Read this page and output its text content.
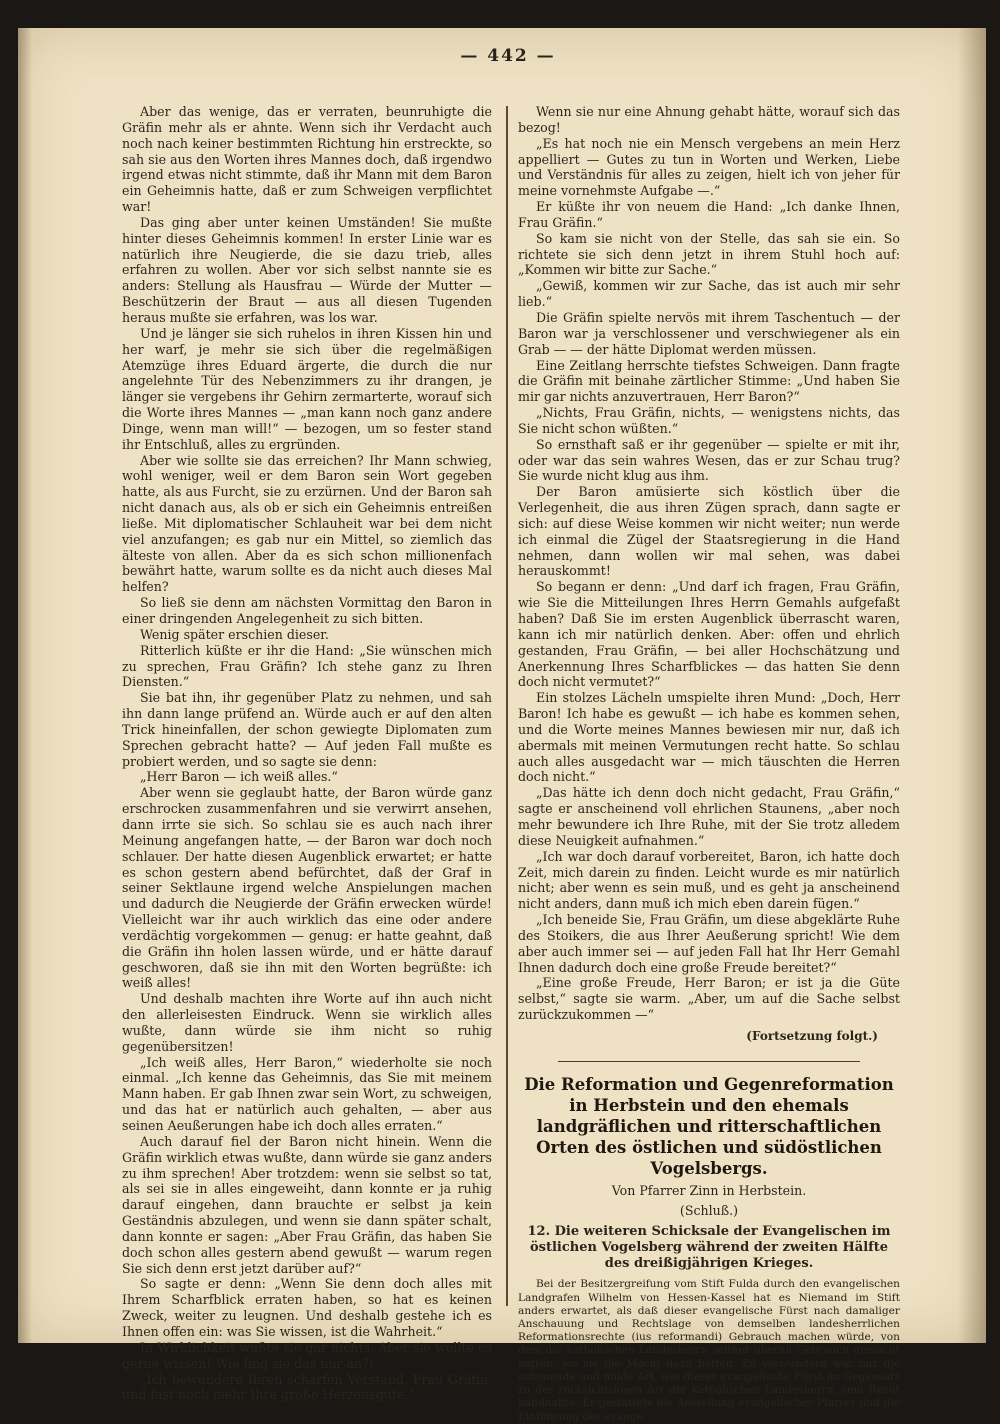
— 442 —

Aber das wenige, das er verraten, beunruhigte die Gräfin mehr als er ahnte. Wenn sich ihr Verdacht auch noch nach keiner bestimmten Richtung hin erstreckte, so sah sie aus den Worten ihres Mannes doch, daß irgendwo irgend etwas nicht stimmte, daß ihr Mann mit dem Baron ein Geheimnis hatte, daß er zum Schweigen verpflichtet war!

Das ging aber unter keinen Umständen! Sie mußte hinter dieses Geheimnis kommen! In erster Linie war es natürlich ihre Neugierde, die sie dazu trieb, alles erfahren zu wollen. Aber vor sich selbst nannte sie es anders: Stellung als Hausfrau — Würde der Mutter — Beschützerin der Braut — aus all diesen Tugenden heraus mußte sie erfahren, was los war.

Und je länger sie sich ruhelos in ihren Kissen hin und her warf, je mehr sie sich über die regelmäßigen Atemzüge ihres Eduard ärgerte, die durch die nur angelehnte Tür des Nebenzimmers zu ihr drangen, je länger sie vergebens ihr Gehirn zermarterte, worauf sich die Worte ihres Mannes — „man kann noch ganz andere Dinge, wenn man will!“ — bezogen, um so fester stand ihr Entschluß, alles zu ergründen.

Aber wie sollte sie das erreichen? Ihr Mann schwieg, wohl weniger, weil er dem Baron sein Wort gegeben hatte, als aus Furcht, sie zu erzürnen. Und der Baron sah nicht danach aus, als ob er sich ein Geheimnis entreißen ließe. Mit diplomatischer Schlauheit war bei dem nicht viel anzufangen; es gab nur ein Mittel, so ziemlich das älteste von allen. Aber da es sich schon millionenfach bewährt hatte, warum sollte es da nicht auch dieses Mal helfen?

So ließ sie denn am nächsten Vormittag den Baron in einer dringenden Angelegenheit zu sich bitten.

Wenig später erschien dieser.

Ritterlich küßte er ihr die Hand: „Sie wünschen mich zu sprechen, Frau Gräfin? Ich stehe ganz zu Ihren Diensten.“

Sie bat ihn, ihr gegenüber Platz zu nehmen, und sah ihn dann lange prüfend an. Würde auch er auf den alten Trick hineinfallen, der schon gewiegte Diplomaten zum Sprechen gebracht hatte? — Auf jeden Fall mußte es probiert werden, und so sagte sie denn:

„Herr Baron — ich weiß alles.“

Aber wenn sie geglaubt hatte, der Baron würde ganz erschrocken zusammenfahren und sie verwirrt ansehen, dann irrte sie sich. So schlau sie es auch nach ihrer Meinung angefangen hatte, — der Baron war doch noch schlauer. Der hatte diesen Augenblick erwartet; er hatte es schon gestern abend befürchtet, daß der Graf in seiner Sektlaune irgend welche Anspielungen machen und dadurch die Neugierde der Gräfin erwecken würde! Vielleicht war ihr auch wirklich das eine oder andere verdächtig vorgekommen — genug: er hatte geahnt, daß die Gräfin ihn holen lassen würde, und er hätte darauf geschworen, daß sie ihn mit den Worten begrüßte: ich weiß alles!

Und deshalb machten ihre Worte auf ihn auch nicht den allerleisesten Eindruck. Wenn sie wirklich alles wußte, dann würde sie ihm nicht so ruhig gegenübersitzen!

„Ich weiß alles, Herr Baron,“ wiederholte sie noch einmal. „Ich kenne das Geheimnis, das Sie mit meinem Mann haben. Er gab Ihnen zwar sein Wort, zu schweigen, und das hat er natürlich auch gehalten, — aber aus seinen Aeußerungen habe ich doch alles erraten.“

Auch darauf fiel der Baron nicht hinein. Wenn die Gräfin wirklich etwas wußte, dann würde sie ganz anders zu ihm sprechen! Aber trotzdem: wenn sie selbst so tat, als sei sie in alles eingeweiht, dann konnte er ja ruhig darauf eingehen, dann brauchte er selbst ja kein Geständnis abzulegen, und wenn sie dann später schalt, dann konnte er sagen: „Aber Frau Gräfin, das haben Sie doch schon alles gestern abend gewußt — warum regen Sie sich denn erst jetzt darüber auf?“

So sagte er denn: „Wenn Sie denn doch alles mit Ihrem Scharfblick erraten haben, so hat es keinen Zweck, weiter zu leugnen. Und deshalb gestehe ich es Ihnen offen ein: was Sie wissen, ist die Wahrheit.“

In Wirklichkeit wußte sie gar nichts. Aber sie wollte es gerne wissen! Wie fing sie das nur an?!

„Ich bewundere Ihren scharfen Verstand, Frau Gräfin, und fast noch mehr Ihre große Herzensgüte.“

Wenn sie nur eine Ahnung gehabt hätte, worauf sich das bezog!

„Es hat noch nie ein Mensch vergebens an mein Herz appelliert — Gutes zu tun in Worten und Werken, Liebe und Verständnis für alles zu zeigen, hielt ich von jeher für meine vornehmste Aufgabe —.“

Er küßte ihr von neuem die Hand: „Ich danke Ihnen, Frau Gräfin.“

So kam sie nicht von der Stelle, das sah sie ein. So richtete sie sich denn jetzt in ihrem Stuhl hoch auf: „Kommen wir bitte zur Sache.“

„Gewiß, kommen wir zur Sache, das ist auch mir sehr lieb.“

Die Gräfin spielte nervös mit ihrem Taschentuch — der Baron war ja verschlossener und verschwiegener als ein Grab — — der hätte Diplomat werden müssen.

Eine Zeitlang herrschte tiefstes Schweigen. Dann fragte die Gräfin mit beinahe zärtlicher Stimme: „Und haben Sie mir gar nichts anzuvertrauen, Herr Baron?“

„Nichts, Frau Gräfin, nichts, — wenigstens nichts, das Sie nicht schon wüßten.“

So ernsthaft saß er ihr gegenüber — spielte er mit ihr, oder war das sein wahres Wesen, das er zur Schau trug? Sie wurde nicht klug aus ihm.

Der Baron amüsierte sich köstlich über die Verlegenheit, die aus ihren Zügen sprach, dann sagte er sich: auf diese Weise kommen wir nicht weiter; nun werde ich einmal die Zügel der Staatsregierung in die Hand nehmen, dann wollen wir mal sehen, was dabei herauskommt!

So begann er denn: „Und darf ich fragen, Frau Gräfin, wie Sie die Mitteilungen Ihres Herrn Gemahls aufgefaßt haben? Daß Sie im ersten Augenblick überrascht waren, kann ich mir natürlich denken. Aber: offen und ehrlich gestanden, Frau Gräfin, — bei aller Hochschätzung und Anerkennung Ihres Scharfblickes — das hatten Sie denn doch nicht vermutet?“

Ein stolzes Lächeln umspielte ihren Mund: „Doch, Herr Baron! Ich habe es gewußt — ich habe es kommen sehen, und die Worte meines Mannes bewiesen mir nur, daß ich abermals mit meinen Vermutungen recht hatte. So schlau auch alles ausgedacht war — mich täuschten die Herren doch nicht.“

„Das hätte ich denn doch nicht gedacht, Frau Gräfin,“ sagte er anscheinend voll ehrlichen Staunens, „aber noch mehr bewundere ich Ihre Ruhe, mit der Sie trotz alledem diese Neuigkeit aufnahmen.“

„Ich war doch darauf vorbereitet, Baron, ich hatte doch Zeit, mich darein zu finden. Leicht wurde es mir natürlich nicht; aber wenn es sein muß, und es geht ja anscheinend nicht anders, dann muß ich mich eben darein fügen.“

„Ich beneide Sie, Frau Gräfin, um diese abgeklärte Ruhe des Stoikers, die aus Ihrer Aeußerung spricht! Wie dem aber auch immer sei — auf jeden Fall hat Ihr Herr Gemahl Ihnen dadurch doch eine große Freude bereitet?“

„Eine große Freude, Herr Baron; er ist ja die Güte selbst,“ sagte sie warm. „Aber, um auf die Sache selbst zurückzukommen —“

(Fortsetzung folgt.)

Die Reformation und Gegenreformation in Herbstein und den ehemals landgräflichen und ritterschaftlichen Orten des östlichen und südöstlichen Vogelsbergs.

Von Pfarrer Zinn in Herbstein.

(Schluß.)

12. Die weiteren Schicksale der Evangelischen im östlichen Vogelsberg während der zweiten Hälfte des dreißigjährigen Krieges.

Bei der Besitzergreifung vom Stift Fulda durch den evangelischen Landgrafen Wilhelm von Hessen-Kassel hat es Niemand im Stift anders erwartet, als daß dieser evangelische Fürst nach damaliger Anschauung und Rechtslage von demselben landesherrlichen Reformationsrechte (ius reformandi) Gebrauch machen würde, von dem die katholischen Landesherrn seither überall Gebrauch gemacht hatten, wo sie die Macht dazu hatten. Zu verwundern war nur die schonende und milde Art, wie dieser evangelische Fürst im Gegensatz zu der rücksichtslosen Art der katholischen Landesherrn, sein Recht handhabte. Er gestattete die Anstellung evangelischer Pfarrer und die Einführung des evange-
